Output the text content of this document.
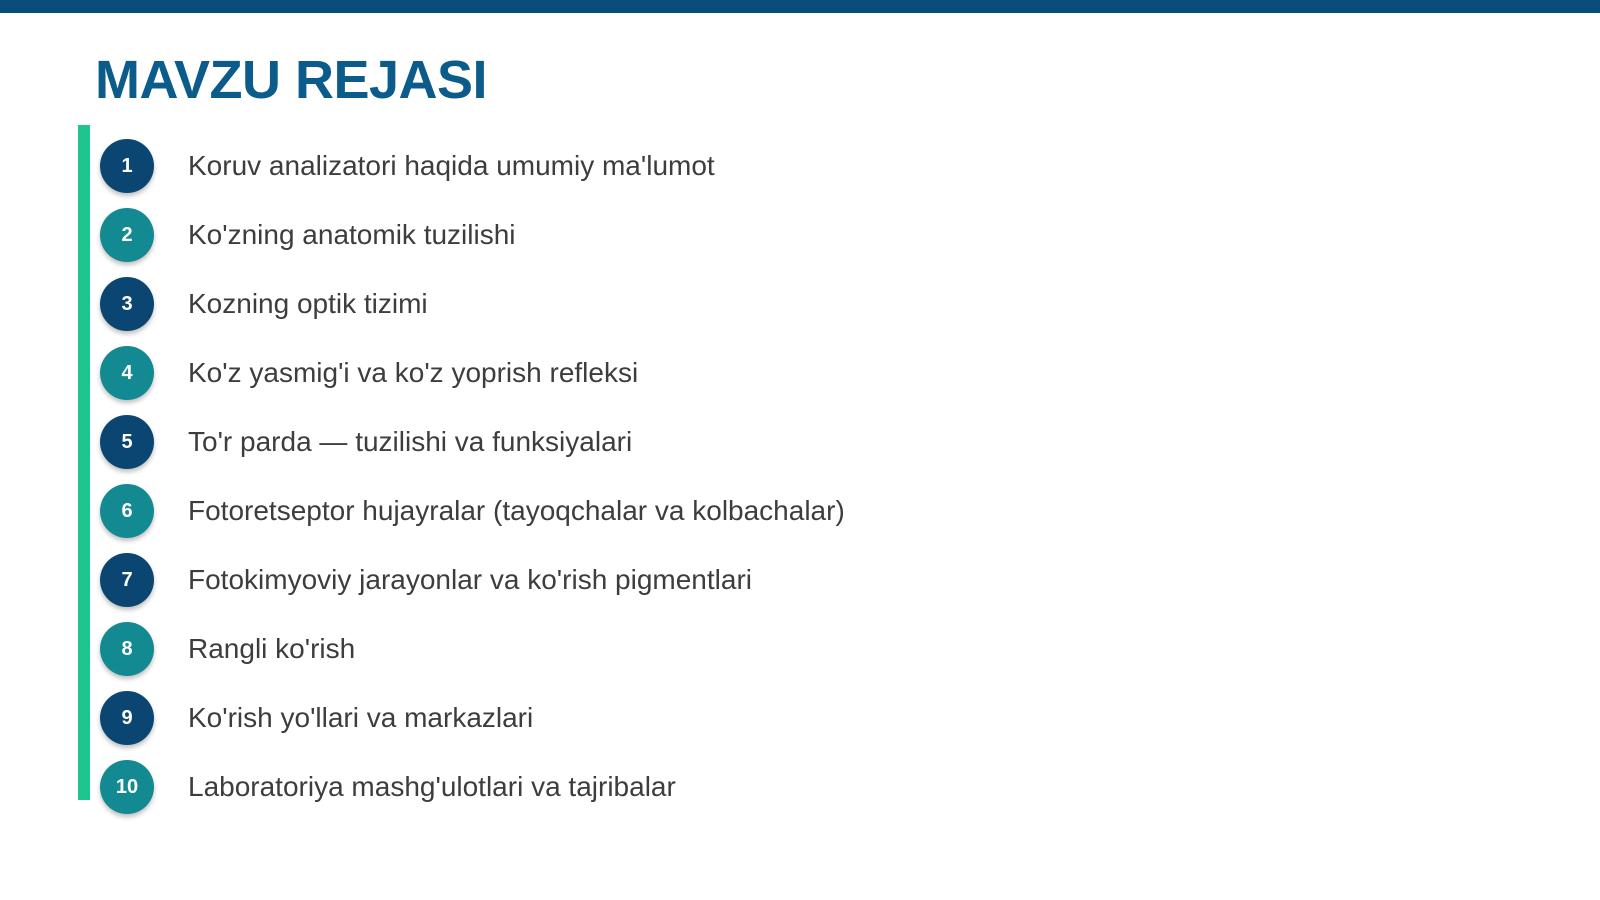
MAVZU REJASI
1	Koruv analizatori haqida umumiy ma'lumot
2	Ko'zning anatomik tuzilishi
3	Kozning optik tizimi
4	Ko'z yasmig'i va ko'z yoprish refleksi
5	To'r parda — tuzilishi va funksiyalari
6	Fotoretseptor hujayralar (tayoqchalar va kolbachalar)
7	Fotokimyoviy jarayonlar va ko'rish pigmentlari
8	Rangli ko'rish
9	Ko'rish yo'llari va markazlari
10	Laboratoriya mashg'ulotlari va tajribalar
